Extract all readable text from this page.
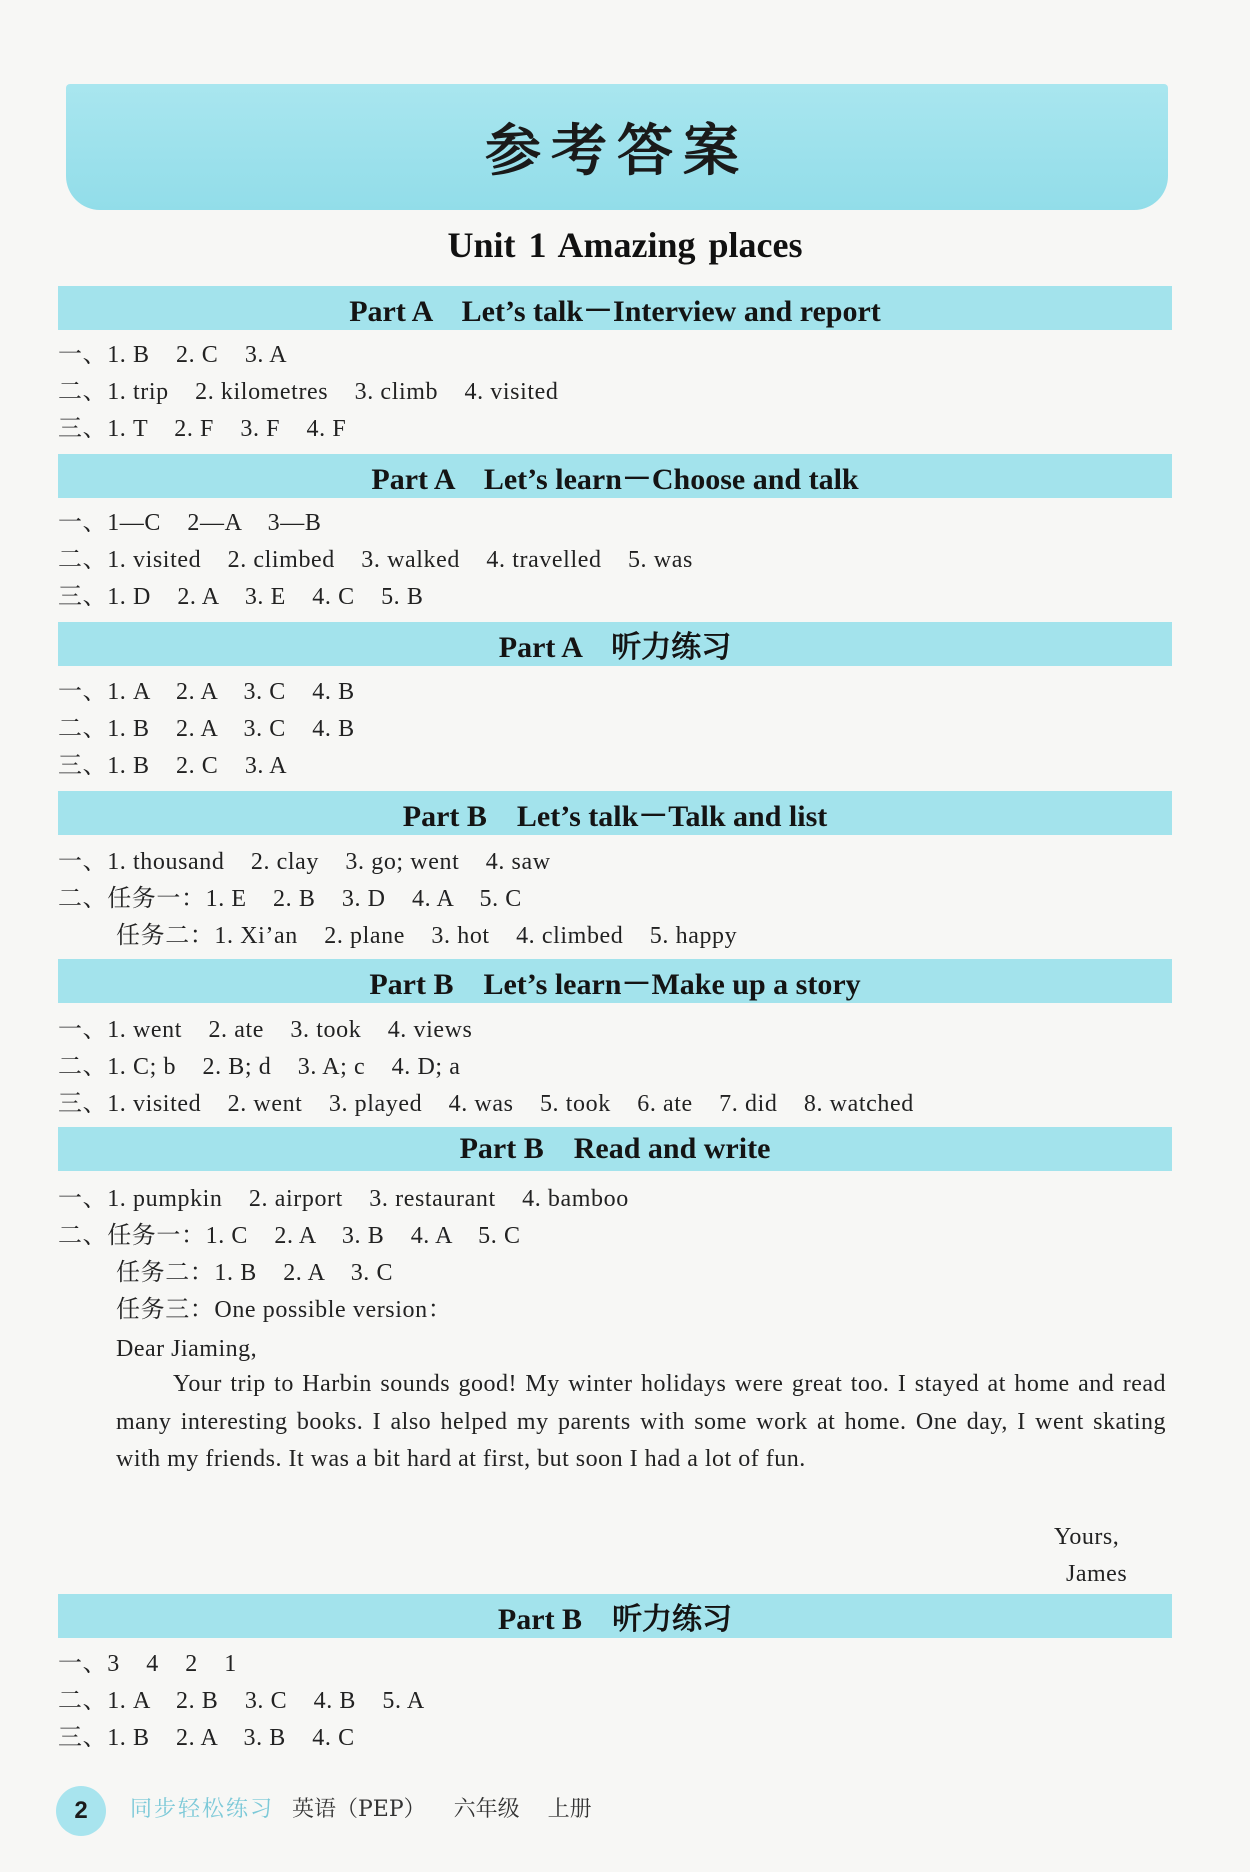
参考答案
Unit 1 Amazing places
Part A    Let’s talk－Interview and report
一、1. B    2. C    3. A
二、1. trip    2. kilometres    3. climb    4. visited
三、1. T    2. F    3. F    4. F
Part A    Let’s learn－Choose and talk
一、1—C    2—A    3—B
二、1. visited    2. climbed    3. walked    4. travelled    5. was
三、1. D    2. A    3. E    4. C    5. B
Part A    听力练习
一、1. A    2. A    3. C    4. B
二、1. B    2. A    3. C    4. B
三、1. B    2. C    3. A
Part B    Let’s talk－Talk and list
一、1. thousand    2. clay    3. go; went    4. saw
二、任务一：1. E    2. B    3. D    4. A    5. C
任务二：1. Xi’an    2. plane    3. hot    4. climbed    5. happy
Part B    Let’s learn－Make up a story
一、1. went    2. ate    3. took    4. views
二、1. C; b    2. B; d    3. A; c    4. D; a
三、1. visited    2. went    3. played    4. was    5. took    6. ate    7. did    8. watched
Part B    Read and write
一、1. pumpkin    2. airport    3. restaurant    4. bamboo
二、任务一：1. C    2. A    3. B    4. A    5. C
任务二：1. B    2. A    3. C
任务三：One possible version：
Dear Jiaming,
Your trip to Harbin sounds good! My winter holidays were great too. I stayed at home and read many interesting books. I also helped my parents with some work at home. One day, I went skating with my friends. It was a bit hard at first, but soon I had a lot of fun.
Yours,
James
Part B    听力练习
一、3    4    2    1
二、1. A    2. B    3. C    4. B    5. A
三、1. B    2. A    3. B    4. C
2 同步轻松练习 英语（PEP）    六年级    上册
